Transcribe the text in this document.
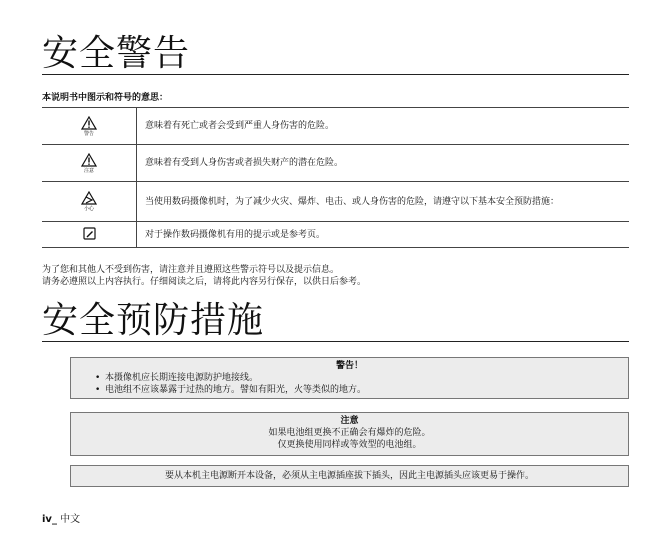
安全警告
本说明书中图示和符号的意思：
警告	意味着有死亡或者会受到严重人身伤害的危险。

注意	意味着有受到人身伤害或者损失财产的潜在危险。

小心	当使用数码摄像机时，为了减少火灾、爆炸、电击、或人身伤害的危险，请遵守以下基本安全预防措施：

	对于操作数码摄像机有用的提示或是参考页。
为了您和其他人不受到伤害，请注意并且遵照这些警示符号以及提示信息。
请务必遵照以上内容执行。仔细阅读之后，请将此内容另行保存，以供日后参考。
安全预防措施
警告！
• 本摄像机应长期连接电源防护地接线。
• 电池组不应该暴露于过热的地方。譬如有阳光，火等类似的地方。
注意
如果电池组更换不正确会有爆炸的危险。
仅更换使用同样或等效型的电池组。
要从本机主电源断开本设备，必须从主电源插座拔下插头，因此主电源插头应该更易于操作。
iv_ 中文
